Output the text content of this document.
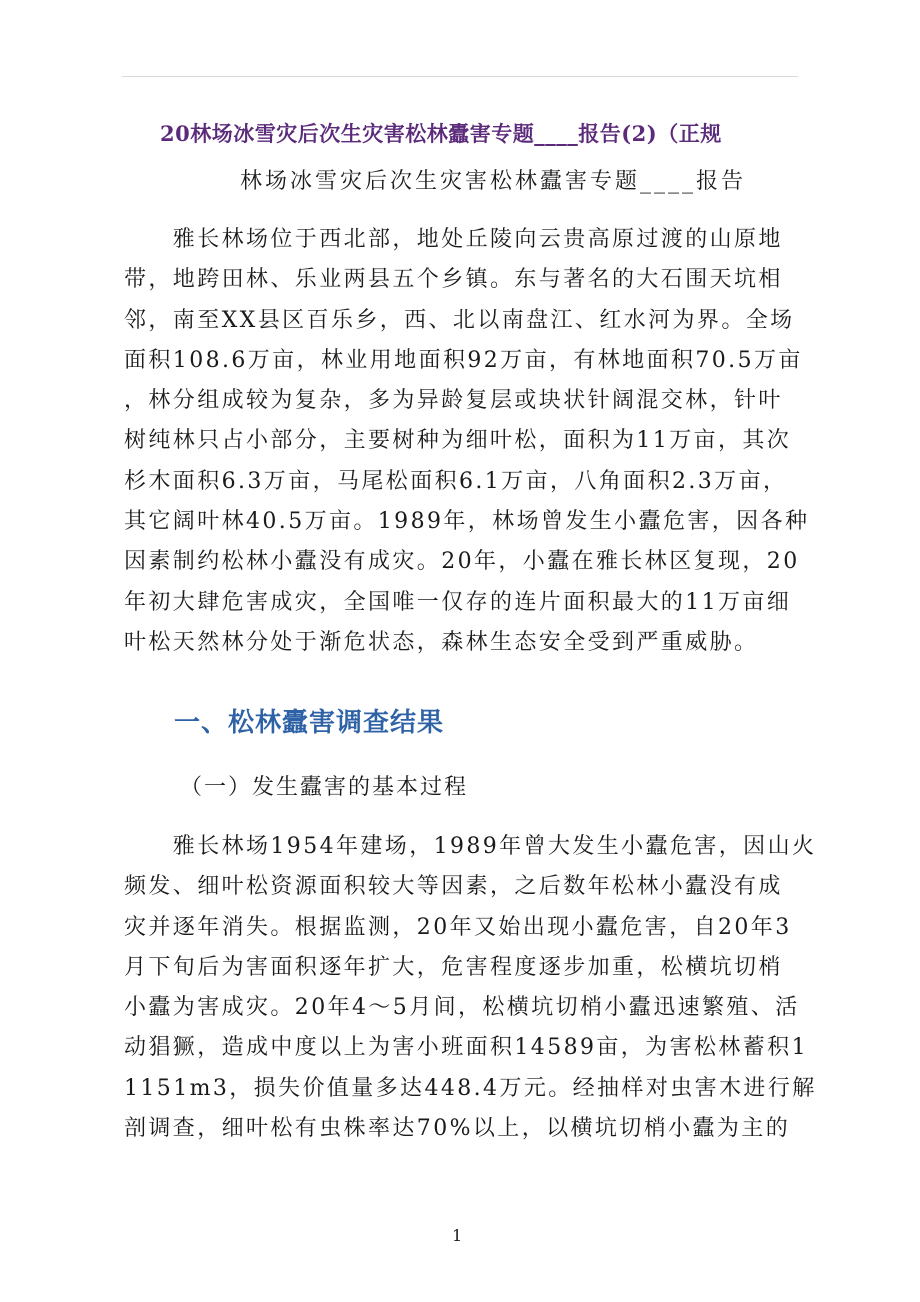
20林场冰雪灾后次生灾害松林蠹害专题____报告(2)（正规
林场冰雪灾后次生灾害松林蠹害专题____报告
　　雅长林场位于西北部，地处丘陵向云贵高原过渡的山原地
带，地跨田林、乐业两县五个乡镇。东与著名的大石围天坑相
邻，南至XX县区百乐乡，西、北以南盘江、红水河为界。全场
面积108.6万亩，林业用地面积92万亩，有林地面积70.5万亩
，林分组成较为复杂，多为异龄复层或块状针阔混交林，针叶
树纯林只占小部分，主要树种为细叶松，面积为11万亩，其次
杉木面积6.3万亩，马尾松面积6.1万亩，八角面积2.3万亩，
其它阔叶林40.5万亩。1989年，林场曾发生小蠹危害，因各种
因素制约松林小蠹没有成灾。20年，小蠹在雅长林区复现，20
年初大肆危害成灾，全国唯一仅存的连片面积最大的11万亩细
叶松天然林分处于渐危状态，森林生态安全受到严重威胁。
一、松林蠹害调查结果
（一）发生蠹害的基本过程
　　雅长林场1954年建场，1989年曾大发生小蠹危害，因山火
频发、细叶松资源面积较大等因素，之后数年松林小蠹没有成
灾并逐年消失。根据监测，20年又始出现小蠹危害，自20年3
月下旬后为害面积逐年扩大，危害程度逐步加重，松横坑切梢
小蠹为害成灾。20年4～5月间，松横坑切梢小蠹迅速繁殖、活
动猖獗，造成中度以上为害小班面积14589亩，为害松林蓄积1
1151m3，损失价值量多达448.4万元。经抽样对虫害木进行解
剖调查，细叶松有虫株率达70%以上，以横坑切梢小蠹为主的
1
